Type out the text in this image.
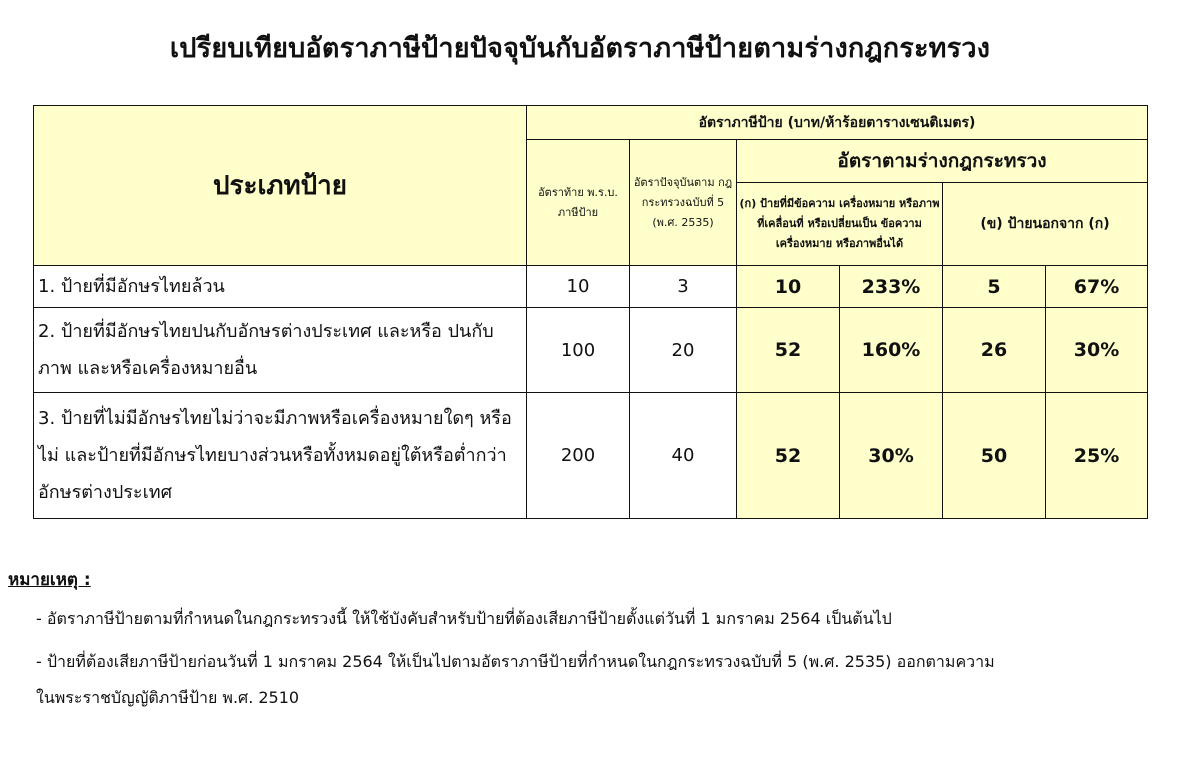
เปรียบเทียบอัตราภาษีป้ายปัจจุบันกับอัตราภาษีป้ายตามร่างกฎกระทรวง
ประเภทป้าย	อัตราภาษีป้าย (บาท/ห้าร้อยตารางเซนติเมตร)					
	อัตราท้าย พ.ร.บ. ภาษีป้าย	อัตราปัจจุบันตาม กฎกระทรวงฉบับที่ 5 (พ.ศ. 2535)	อัตราตามร่างกฎกระทรวง			
			(ก) ป้ายที่มีข้อความ เครื่องหมาย หรือภาพที่เคลื่อนที่ หรือเปลี่ยนเป็น ข้อความ เครื่องหมาย หรือภาพอื่นได้		(ข) ป้ายนอกจาก (ก)	
1. ป้ายที่มีอักษรไทยล้วน	10	3	10	233%	5	67%
2. ป้ายที่มีอักษรไทยปนกับอักษรต่างประเทศ และหรือ ปนกับภาพ และหรือเครื่องหมายอื่น	100	20	52	160%	26	30%
3. ป้ายที่ไม่มีอักษรไทยไม่ว่าจะมีภาพหรือเครื่องหมายใดๆ หรือไม่ และป้ายที่มีอักษรไทยบางส่วนหรือทั้งหมดอยู่ใต้หรือต่ำกว่าอักษรต่างประเทศ	200	40	52	30%	50	25%
หมายเหตุ :
- อัตราภาษีป้ายตามที่กำหนดในกฎกระทรวงนี้ ให้ใช้บังคับสำหรับป้ายที่ต้องเสียภาษีป้ายตั้งแต่วันที่ 1 มกราคม 2564 เป็นต้นไป
- ป้ายที่ต้องเสียภาษีป้ายก่อนวันที่ 1 มกราคม 2564 ให้เป็นไปตามอัตราภาษีป้ายที่กำหนดในกฎกระทรวงฉบับที่ 5 (พ.ศ. 2535) ออกตามความ
ในพระราชบัญญัติภาษีป้าย พ.ศ. 2510
